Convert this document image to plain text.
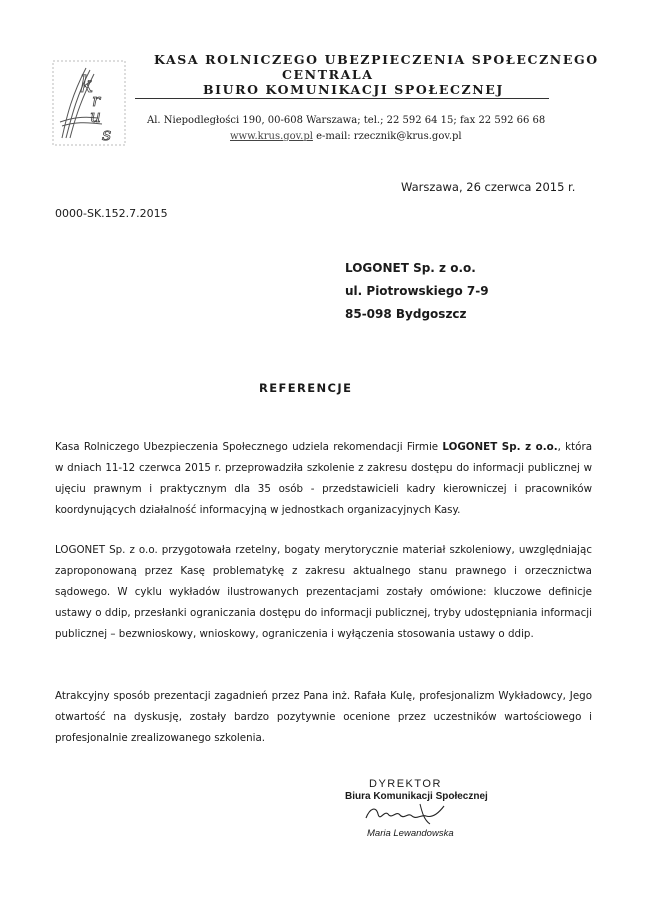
k
r
u
s
KASA ROLNICZEGO UBEZPIECZENIA SPOŁECZNEGO
CENTRALA
BIURO KOMUNIKACJI SPOŁECZNEJ
Al. Niepodległości 190, 00-608 Warszawa; tel.; 22 592 64 15; fax 22 592 66 68
www.krus.gov.pl e-mail: rzecznik@krus.gov.pl
Warszawa, 26 czerwca 2015 r.
0000-SK.152.7.2015
LOGONET Sp. z o.o.
ul. Piotrowskiego 7-9
85-098 Bydgoszcz
REFERENCJE
Kasa Rolniczego Ubezpieczenia Społecznego udziela rekomendacji Firmie LOGONET Sp. z o.o., która w dniach 11-12 czerwca 2015 r. przeprowadziła szkolenie z zakresu dostępu do informacji publicznej w ujęciu prawnym i praktycznym dla 35 osób - przedstawicieli kadry kierowniczej i pracowników koordynujących działalność informacyjną w jednostkach organizacyjnych Kasy.
LOGONET Sp. z o.o. przygotowała rzetelny, bogaty merytorycznie materiał szkoleniowy, uwzględniając zaproponowaną przez Kasę problematykę z zakresu aktualnego stanu prawnego i orzecznictwa sądowego. W cyklu wykładów ilustrowanych prezentacjami zostały omówione: kluczowe definicje ustawy o ddip, przesłanki ograniczania dostępu do informacji publicznej, tryby udostępniania informacji publicznej – bezwnioskowy, wnioskowy, ograniczenia i wyłączenia stosowania ustawy o ddip.
Atrakcyjny sposób prezentacji zagadnień przez Pana inż. Rafała Kulę, profesjonalizm Wykładowcy, Jego otwartość na dyskusję, zostały bardzo pozytywnie ocenione przez uczestników wartościowego i profesjonalnie zrealizowanego szkolenia.
DYREKTOR
Biura Komunikacji Społecznej
Maria Lewandowska
